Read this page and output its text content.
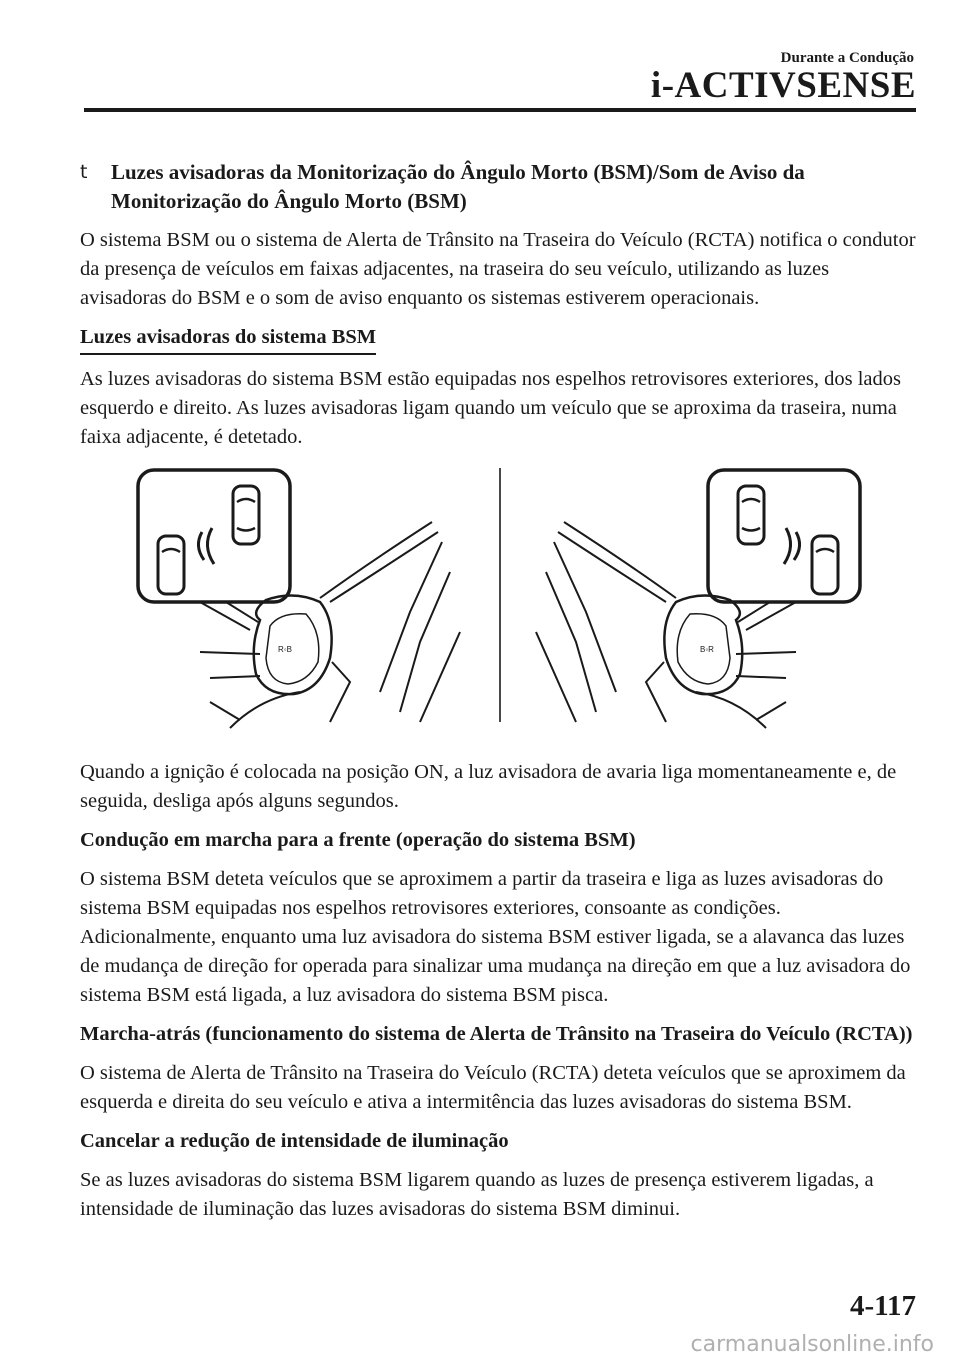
Durante a Condução
i-ACTIVSENSE
t Luzes avisadoras da Monitorização do Ângulo Morto (BSM)/Som de Aviso da Monitorização do Ângulo Morto (BSM)

O sistema BSM ou o sistema de Alerta de Trânsito na Traseira do Veículo (RCTA) notifica o condutor da presença de veículos em faixas adjacentes, na traseira do seu veículo, utilizando as luzes avisadoras do BSM e o som de aviso enquanto os sistemas estiverem operacionais.

Luzes avisadoras do sistema BSM

As luzes avisadoras do sistema BSM estão equipadas nos espelhos retrovisores exteriores, dos lados esquerdo e direito. As luzes avisadoras ligam quando um veículo que se aproxima da traseira, numa faixa adjacente, é detetado.

R◦B	B◦R

Quando a ignição é colocada na posição ON, a luz avisadora de avaria liga momentaneamente e, de seguida, desliga após alguns segundos.

Condução em marcha para a frente (operação do sistema BSM)

O sistema BSM deteta veículos que se aproximem a partir da traseira e liga as luzes avisadoras do sistema BSM equipadas nos espelhos retrovisores exteriores, consoante as condições. Adicionalmente, enquanto uma luz avisadora do sistema BSM estiver ligada, se a alavanca das luzes de mudança de direção for operada para sinalizar uma mudança na direção em que a luz avisadora do sistema BSM está ligada, a luz avisadora do sistema BSM pisca.

Marcha-atrás (funcionamento do sistema de Alerta de Trânsito na Traseira do Veículo (RCTA))

O sistema de Alerta de Trânsito na Traseira do Veículo (RCTA) deteta veículos que se aproximem da esquerda e direita do seu veículo e ativa a intermitência das luzes avisadoras do sistema BSM.

Cancelar a redução de intensidade de iluminação

Se as luzes avisadoras do sistema BSM ligarem quando as luzes de presença estiverem ligadas, a intensidade de iluminação das luzes avisadoras do sistema BSM diminui.

4-117
carmanualsonline.info
